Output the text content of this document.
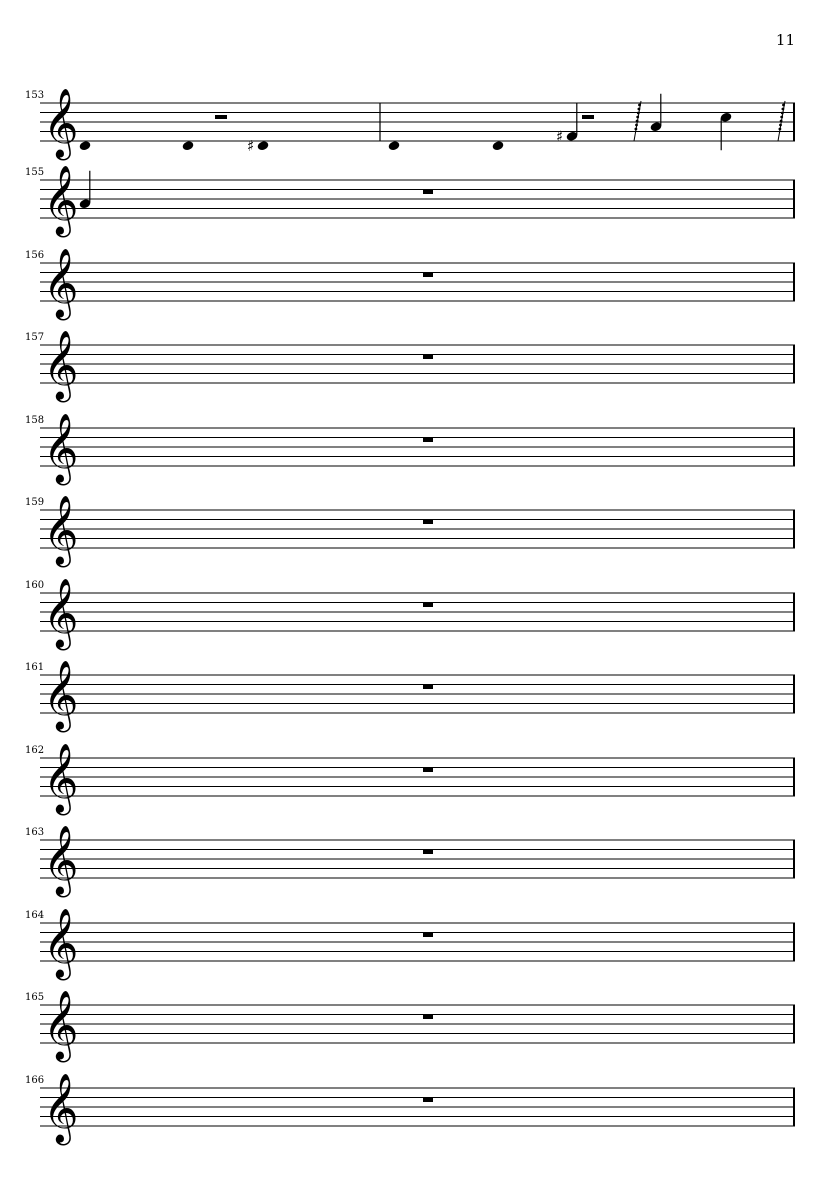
11
𝄞
153
𝄞
155
𝄞
156
𝄞
157
𝄞
158
𝄞
159
𝄞
160
𝄞
161
𝄞
162
𝄞
163
𝄞
164
𝄞
165
𝄞
166
♯
♯
